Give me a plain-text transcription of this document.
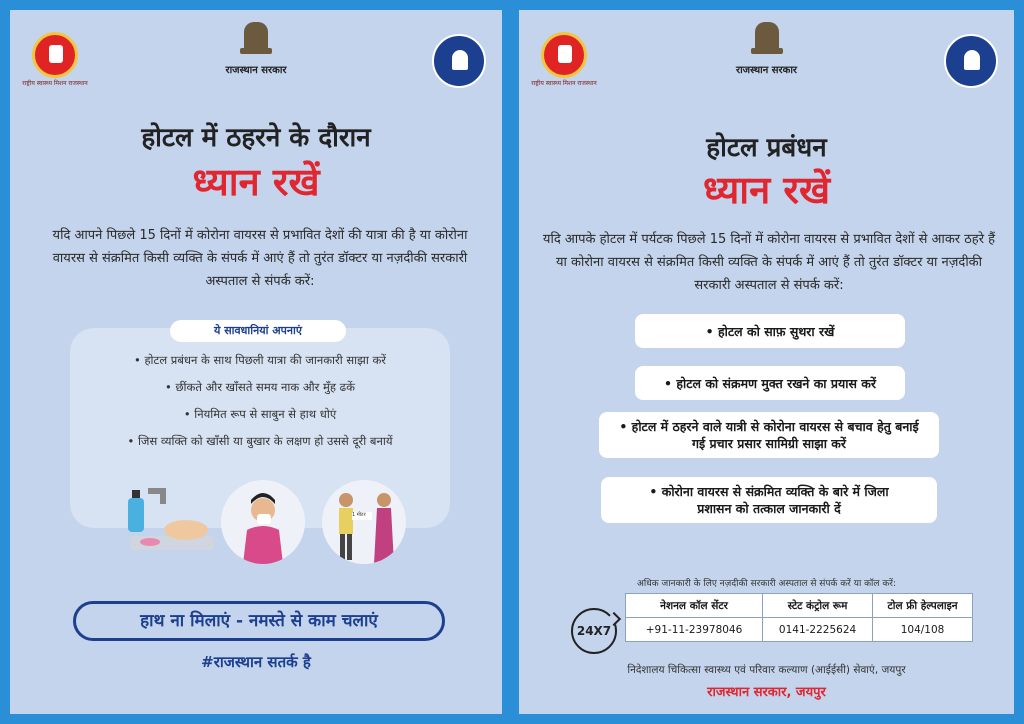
राष्ट्रीय स्वास्थ्य मिशन राजस्थान
राजस्थान सरकार
होटल में ठहरने के दौरान
ध्यान रखें
यदि आपने पिछले 15 दिनों में कोरोना वायरस से प्रभावित देशों की यात्रा की है या कोरोना वायरस से संक्रमित किसी व्यक्ति के संपर्क में आएं हैं तो तुरंत डॉक्टर या नज़दीकी सरकारी अस्पताल से संपर्क करें:
ये सावधानियां अपनाएं
• होटल प्रबंधन के साथ पिछली यात्रा की जानकारी साझा करें
• छींकते और खाँसते समय नाक और मुँह ढकें
• नियमित रूप से साबुन से हाथ धोएं
• जिस व्यक्ति को खाँसी या बुखार के लक्षण हो उससे दूरी बनायें
1 मीटर
हाथ ना मिलाएं - नमस्ते से काम चलाएं
#राजस्थान सतर्क है
राष्ट्रीय स्वास्थ्य मिशन राजस्थान
राजस्थान सरकार
होटल प्रबंधन
ध्यान रखें
यदि आपके होटल में पर्यटक पिछले 15 दिनों में कोरोना वायरस से प्रभावित देशों से आकर ठहरे हैं या कोरोना वायरस से संक्रमित किसी व्यक्ति के संपर्क में आएं हैं तो तुरंत डॉक्टर या नज़दीकी सरकारी अस्पताल से संपर्क करें:
• होटल को साफ़ सुथरा रखें
• होटल को संक्रमण मुक्त रखने का प्रयास करें
• होटल में ठहरने वाले यात्री से कोरोना वायरस से बचाव हेतु बनाई गई प्रचार प्रसार सामिग्री साझा करें
• कोरोना वायरस से संक्रमित व्यक्ति के बारे में जिला प्रशासन को तत्काल जानकारी दें
अधिक जानकारी के लिए नज़दीकी सरकारी अस्पताल से संपर्क करें या कॉल करें:
24X7
नेशनल कॉल सेंटर	स्टेट कंट्रोल रूम	टोल फ्री हेल्पलाइन
+91-11-23978046	0141-2225624	104/108
निदेशालय चिकित्सा स्वास्थ्य एवं परिवार कल्याण (आईईसी) सेवाएं, जयपुर
राजस्थान सरकार, जयपुर
